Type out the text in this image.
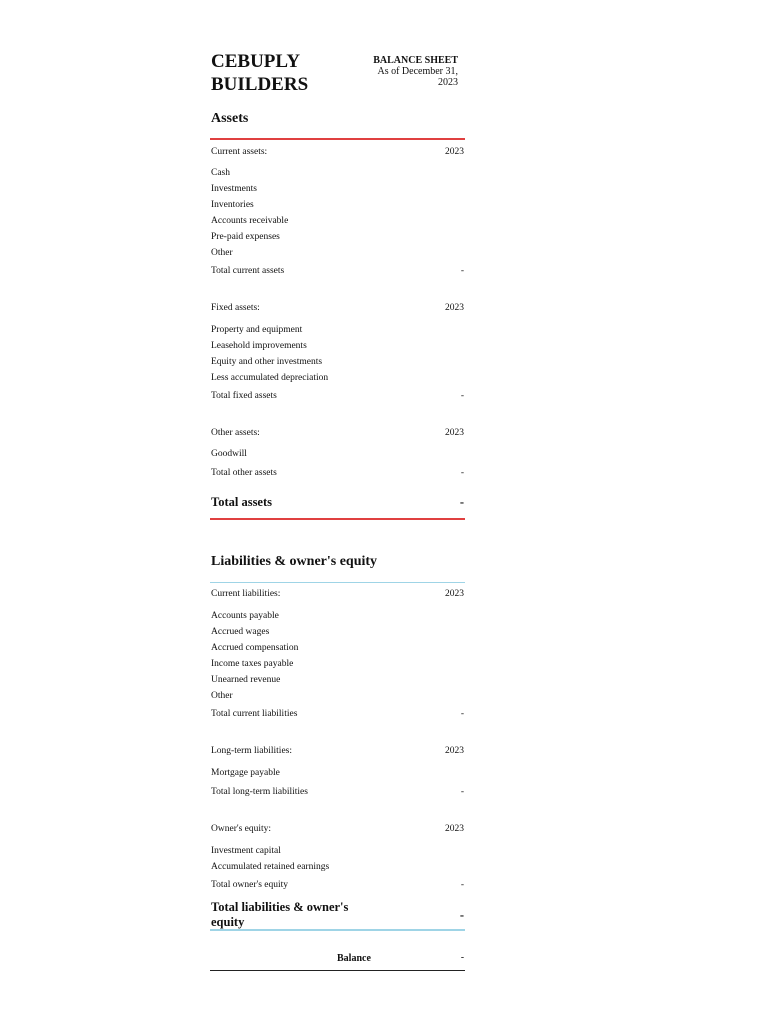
CEBUPLY
BUILDERS
BALANCE SHEET
As of December 31,
2023
Assets
Current assets:	2023
Cash
Investments
Inventories
Accounts receivable
Pre-paid expenses
Other
Total current assets	-
Fixed assets:	2023
Property and equipment
Leasehold improvements
Equity and other investments
Less accumulated depreciation
Total fixed assets	-
Other assets:	2023
Goodwill
Total other assets	-
Total assets	-
Liabilities & owner's equity
Current liabilities:	2023
Accounts payable
Accrued wages
Accrued compensation
Income taxes payable
Unearned revenue
Other
Total current liabilities	-
Long-term liabilities:	2023
Mortgage payable
Total long-term liabilities	-
Owner's equity:	2023
Investment capital
Accumulated retained earnings
Total owner's equity	-
Total liabilities & owner's
equity	-
Balance	-
